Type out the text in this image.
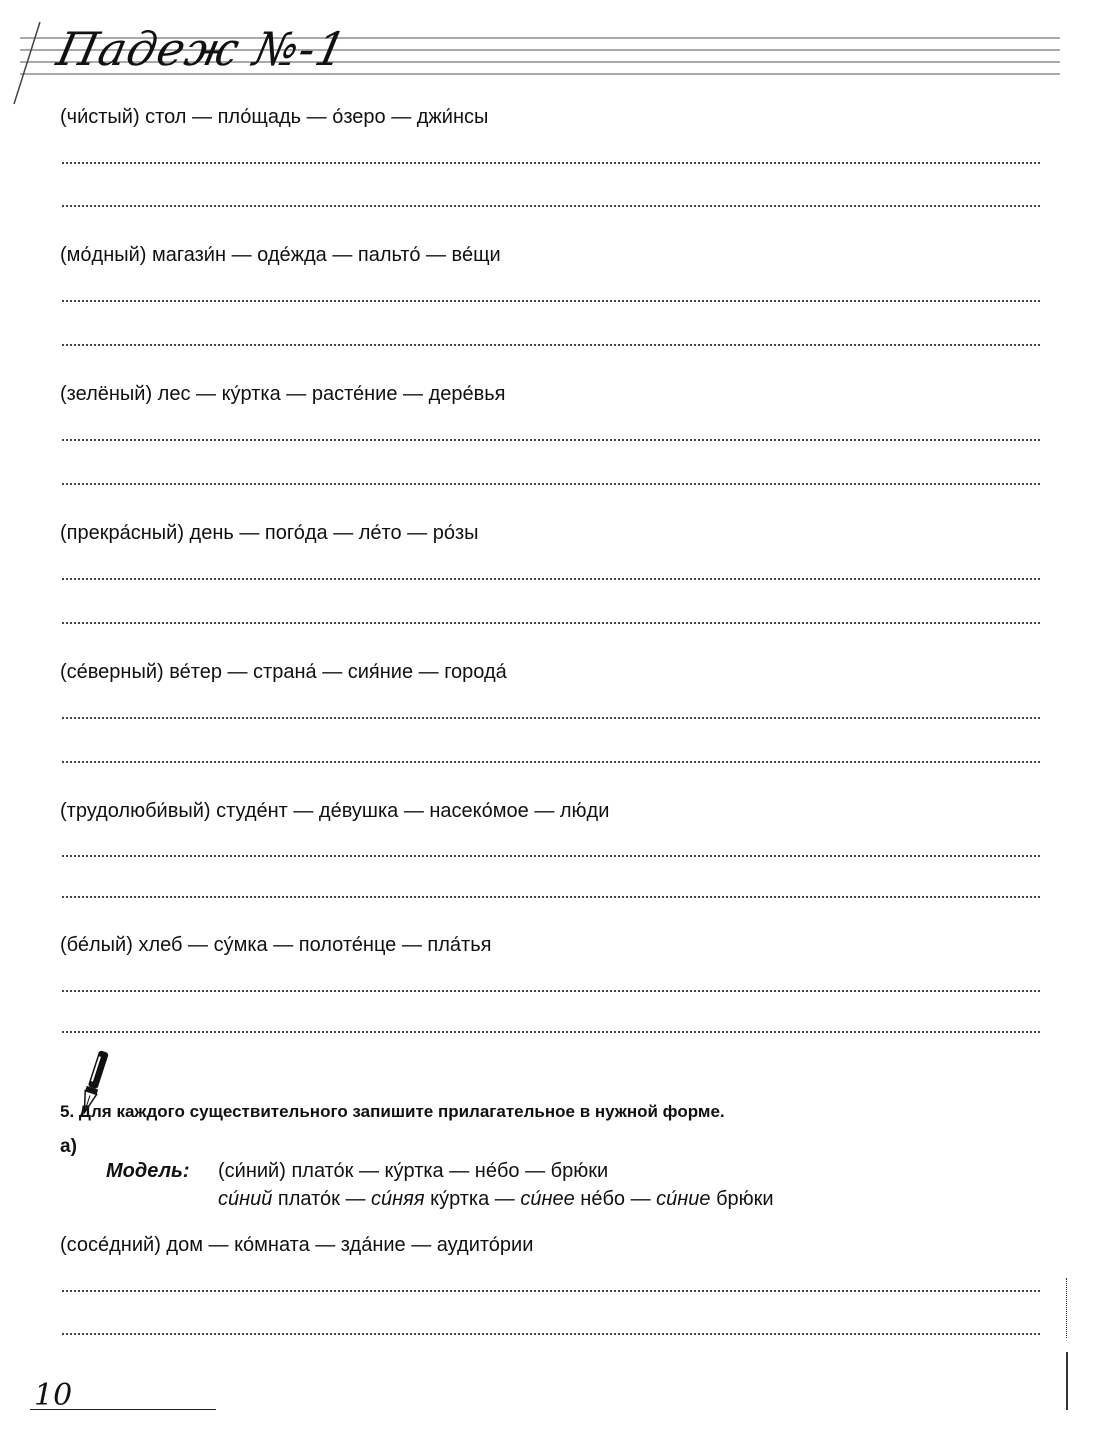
Падеж №-1
(чи́стый) стол — пло́щадь — о́зеро — джи́нсы
(мо́дный) магази́н — оде́жда — пальто́ — ве́щи
(зелёный) лес — ку́ртка — расте́ние — дере́вья
(прекра́сный) день — пого́да — ле́то — ро́зы
(се́верный) ве́тер — страна́ — сия́ние — города́
(трудолюби́вый) студе́нт — де́вушка — насеко́мое — лю́ди
(бе́лый) хлеб — су́мка — полоте́нце — пла́тья
5. Для каждого существительного запишите прилагательное в нужной форме.
а)
Модель: (си́ний) плато́к — ку́ртка — не́бо — брю́ки
си́ний плато́к — си́няя ку́ртка — си́нее не́бо — си́ние брю́ки
(сосе́дний) дом — ко́мната — зда́ние — аудито́рии
10
